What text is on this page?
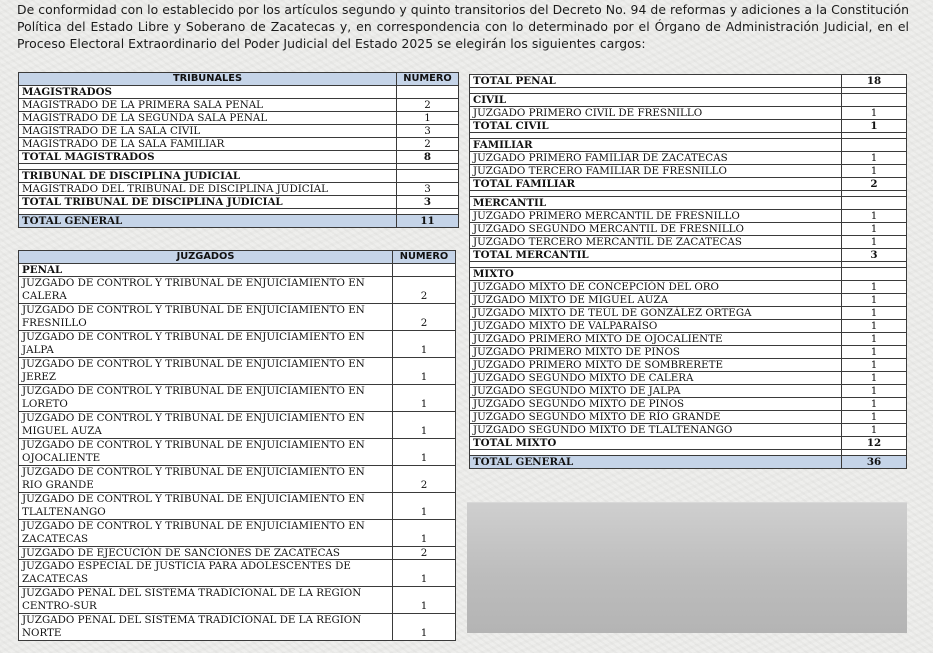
De conformidad con lo establecido por los artículos segundo y quinto transitorios del Decreto No. 94 de reformas y adiciones a la Constitución Política del Estado Libre y Soberano de Zacatecas y, en correspondencia con lo determinado por el Órgano de Administración Judicial, en el Proceso Electoral Extraordinario del Poder Judicial del Estado 2025 se elegirán los siguientes cargos:
TRIBUNALES	NÚMERO
MAGISTRADOS	
MAGISTRADO DE LA PRIMERA SALA PENAL	2
MAGISTRADO DE LA SEGUNDA SALA PENAL	1
MAGISTRADO DE LA SALA CIVIL	3
MAGISTRADO DE LA SALA FAMILIAR	2
TOTAL MAGISTRADOS	8

TRIBUNAL DE DISCIPLINA JUDICIAL	
MAGISTRADO DEL TRIBUNAL DE DISCIPLINA JUDICIAL	3
TOTAL TRIBUNAL DE DISCIPLINA JUDICIAL	3

TOTAL GENERAL	11
JUZGADOS	NÚMERO
PENAL	

JUZGADO DE CONTROL Y TRIBUNAL DE ENJUICIAMIENTO EN
CALERA	2

JUZGADO DE CONTROL Y TRIBUNAL DE ENJUICIAMIENTO EN
FRESNILLO	2

JUZGADO DE CONTROL Y TRIBUNAL DE ENJUICIAMIENTO EN
JALPA	1

JUZGADO DE CONTROL Y TRIBUNAL DE ENJUICIAMIENTO EN
JEREZ	1

JUZGADO DE CONTROL Y TRIBUNAL DE ENJUICIAMIENTO EN
LORETO	1

JUZGADO DE CONTROL Y TRIBUNAL DE ENJUICIAMIENTO EN
MIGUEL AUZA	1

JUZGADO DE CONTROL Y TRIBUNAL DE ENJUICIAMIENTO EN
OJOCALIENTE	1

JUZGADO DE CONTROL Y TRIBUNAL DE ENJUICIAMIENTO EN
RIO GRANDE	2

JUZGADO DE CONTROL Y TRIBUNAL DE ENJUICIAMIENTO EN
TLALTENANGO	1

JUZGADO DE CONTROL Y TRIBUNAL DE ENJUICIAMIENTO EN
ZACATECAS	1
JUZGADO DE EJECUCIÓN DE SANCIONES DE ZACATECAS	2

JUZGADO ESPECIAL DE JUSTICIA PARA ADOLESCENTES DE
ZACATECAS	1

JUZGADO PENAL DEL SISTEMA TRADICIONAL DE LA REGION
CENTRO-SUR	1

JUZGADO PENAL DEL SISTEMA TRADICIONAL DE LA REGION
NORTE	1
TOTAL PENAL	18

CIVIL	
JUZGADO PRIMERO CIVIL DE FRESNILLO	1
TOTAL CIVIL	1

FAMILIAR	
JUZGADO PRIMERO FAMILIAR DE ZACATECAS	1
JUZGADO TERCERO FAMILIAR DE FRESNILLO	1
TOTAL FAMILIAR	2

MERCANTIL	
JUZGADO PRIMERO MERCANTIL DE FRESNILLO	1
JUZGADO SEGUNDO MERCANTIL DE FRESNILLO	1
JUZGADO TERCERO MERCANTIL DE ZACATECAS	1
TOTAL MERCANTIL	3

MIXTO	
JUZGADO MIXTO DE CONCEPCIÓN DEL ORO	1
JUZGADO MIXTO DE MIGUEL AUZA	1
JUZGADO MIXTO DE TEÚL DE GONZÁLEZ ORTEGA	1
JUZGADO MIXTO DE VALPARAÍSO	1
JUZGADO PRIMERO MIXTO DE OJOCALIENTE	1
JUZGADO PRIMERO MIXTO DE PINOS	1
JUZGADO PRIMERO MIXTO DE SOMBRERETE	1
JUZGADO SEGUNDO MIXTO DE CALERA	1
JUZGADO SEGUNDO MIXTO DE JALPA	1
JUZGADO SEGUNDO MIXTO DE PINOS	1
JUZGADO SEGUNDO MIXTO DE RÍO GRANDE	1
JUZGADO SEGUNDO MIXTO DE TLALTENANGO	1
TOTAL MIXTO	12

TOTAL GENERAL	36
